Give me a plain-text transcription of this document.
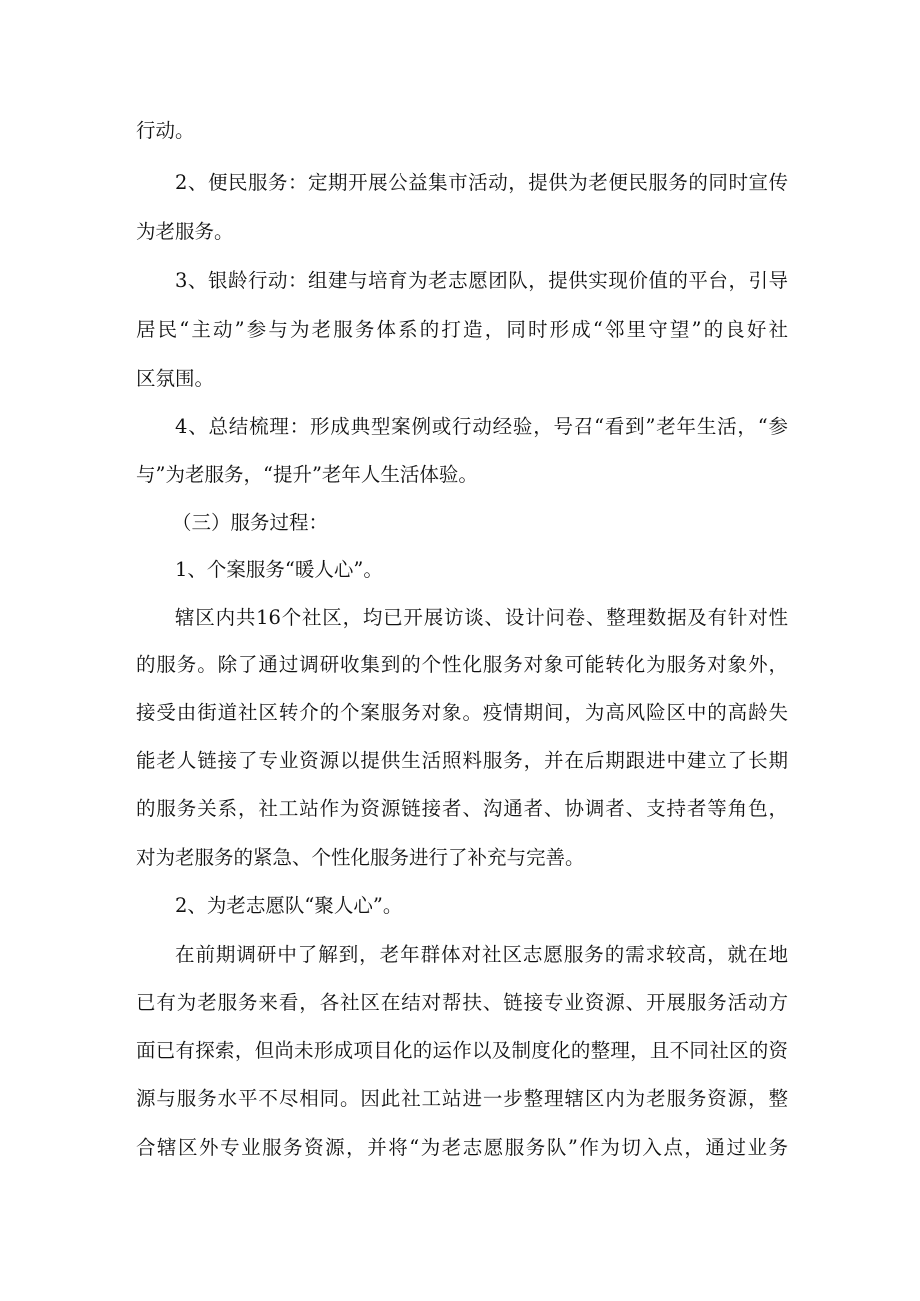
行动。
2、便民服务：定期开展公益集市活动，提供为老便民服务的同时宣传
为老服务。
3、银龄行动：组建与培育为老志愿团队，提供实现价值的平台，引导
居民“主动”参与为老服务体系的打造，同时形成“邻里守望”的良好社
区氛围。
4、总结梳理：形成典型案例或行动经验，号召“看到”老年生活，“参
与”为老服务，“提升”老年人生活体验。
（三）服务过程：
1、个案服务“暖人心”。
辖区内共16个社区，均已开展访谈、设计问卷、整理数据及有针对性
的服务。除了通过调研收集到的个性化服务对象可能转化为服务对象外，
接受由街道社区转介的个案服务对象。疫情期间，为高风险区中的高龄失
能老人链接了专业资源以提供生活照料服务，并在后期跟进中建立了长期
的服务关系，社工站作为资源链接者、沟通者、协调者、支持者等角色，
对为老服务的紧急、个性化服务进行了补充与完善。
2、为老志愿队“聚人心”。
在前期调研中了解到，老年群体对社区志愿服务的需求较高，就在地
已有为老服务来看，各社区在结对帮扶、链接专业资源、开展服务活动方
面已有探索，但尚未形成项目化的运作以及制度化的整理，且不同社区的资
源与服务水平不尽相同。因此社工站进一步整理辖区内为老服务资源，整
合辖区外专业服务资源，并将“为老志愿服务队”作为切入点，通过业务
